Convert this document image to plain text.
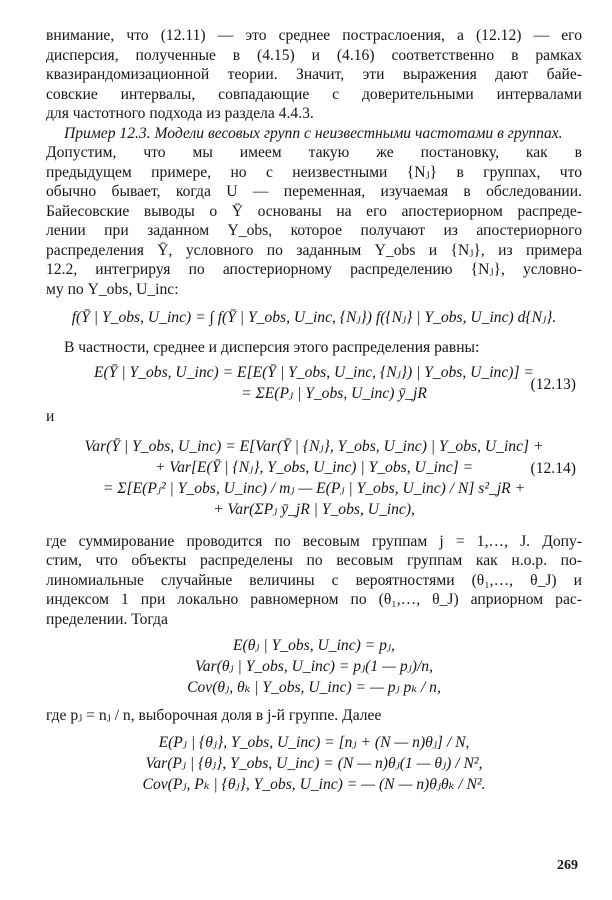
внимание, что (12.11) — это среднее постраслоения, а (12.12) — его
дисперсия, полученные в (4.15) и (4.16) соответственно в рамках
квазирандомизационной теории. Значит, эти выражения дают байе-
совские интервалы, совпадающие с доверительными интервалами
для частотного подхода из раздела 4.4.3.

Пример 12.3. Модели весовых групп с неизвестными частотами в группах.
Допустим, что мы имеем такую же постановку, как в
предыдущем примере, но с неизвестными {Nⱼ} в группах, что
обычно бывает, когда U — переменная, изучаемая в обследовании.
Байесовские выводы о Ȳ основаны на его апостериорном распреде-
лении при заданном Y_obs, которое получают из апостериорного
распределения Ȳ, условного по заданным Y_obs и {Nⱼ}, из примера
12.2, интегрируя по апостериорному распределению {Nⱼ}, условно-
му по Y_obs, U_inc:

f(Ȳ | Y_obs, U_inc) = ∫ f(Ȳ | Y_obs, U_inc, {Nⱼ}) f({Nⱼ} | Y_obs, U_inc) d{Nⱼ}.

В частности, среднее и дисперсия этого распределения равны:

E(Ȳ | Y_obs, U_inc) = E[E(Ȳ | Y_obs, U_inc, {Nⱼ}) | Y_obs, U_inc)] =
= ΣE(Pⱼ | Y_obs, U_inc) ȳ_jR
(12.13)
и
Var(Ȳ | Y_obs, U_inc) = E[Var(Ȳ | {Nⱼ}, Y_obs, U_inc) | Y_obs, U_inc] +
+ Var[E(Ȳ | {Nⱼ}, Y_obs, U_inc) | Y_obs, U_inc] =
= Σ[E(Pⱼ² | Y_obs, U_inc) / mⱼ — E(Pⱼ | Y_obs, U_inc) / N] s²_jR +
+ Var(ΣPⱼ ȳ_jR | Y_obs, U_inc),
(12.14)

где суммирование проводится по весовым группам j = 1,…, J. Допу-
стим, что объекты распределены по весовым группам как н.о.р. по-
линомиальные случайные величины с вероятностями (θ₁,…, θ_J) и
индексом 1 при локально равномерном по (θ₁,…, θ_J) априорном рас-
пределении. Тогда

E(θⱼ | Y_obs, U_inc) = pⱼ,
Var(θⱼ | Y_obs, U_inc) = pⱼ(1 — pⱼ)/n,
Cov(θⱼ, θₖ | Y_obs, U_inc) = — pⱼ pₖ / n,

где pⱼ = nⱼ / n, выборочная доля в j-й группе. Далее

E(Pⱼ | {θⱼ}, Y_obs, U_inc) = [nⱼ + (N — n)θⱼ] / N,
Var(Pⱼ | {θⱼ}, Y_obs, U_inc) = (N — n)θⱼ(1 — θⱼ) / N²,
Cov(Pⱼ, Pₖ | {θⱼ}, Y_obs, U_inc) = — (N — n)θⱼθₖ / N².
269
